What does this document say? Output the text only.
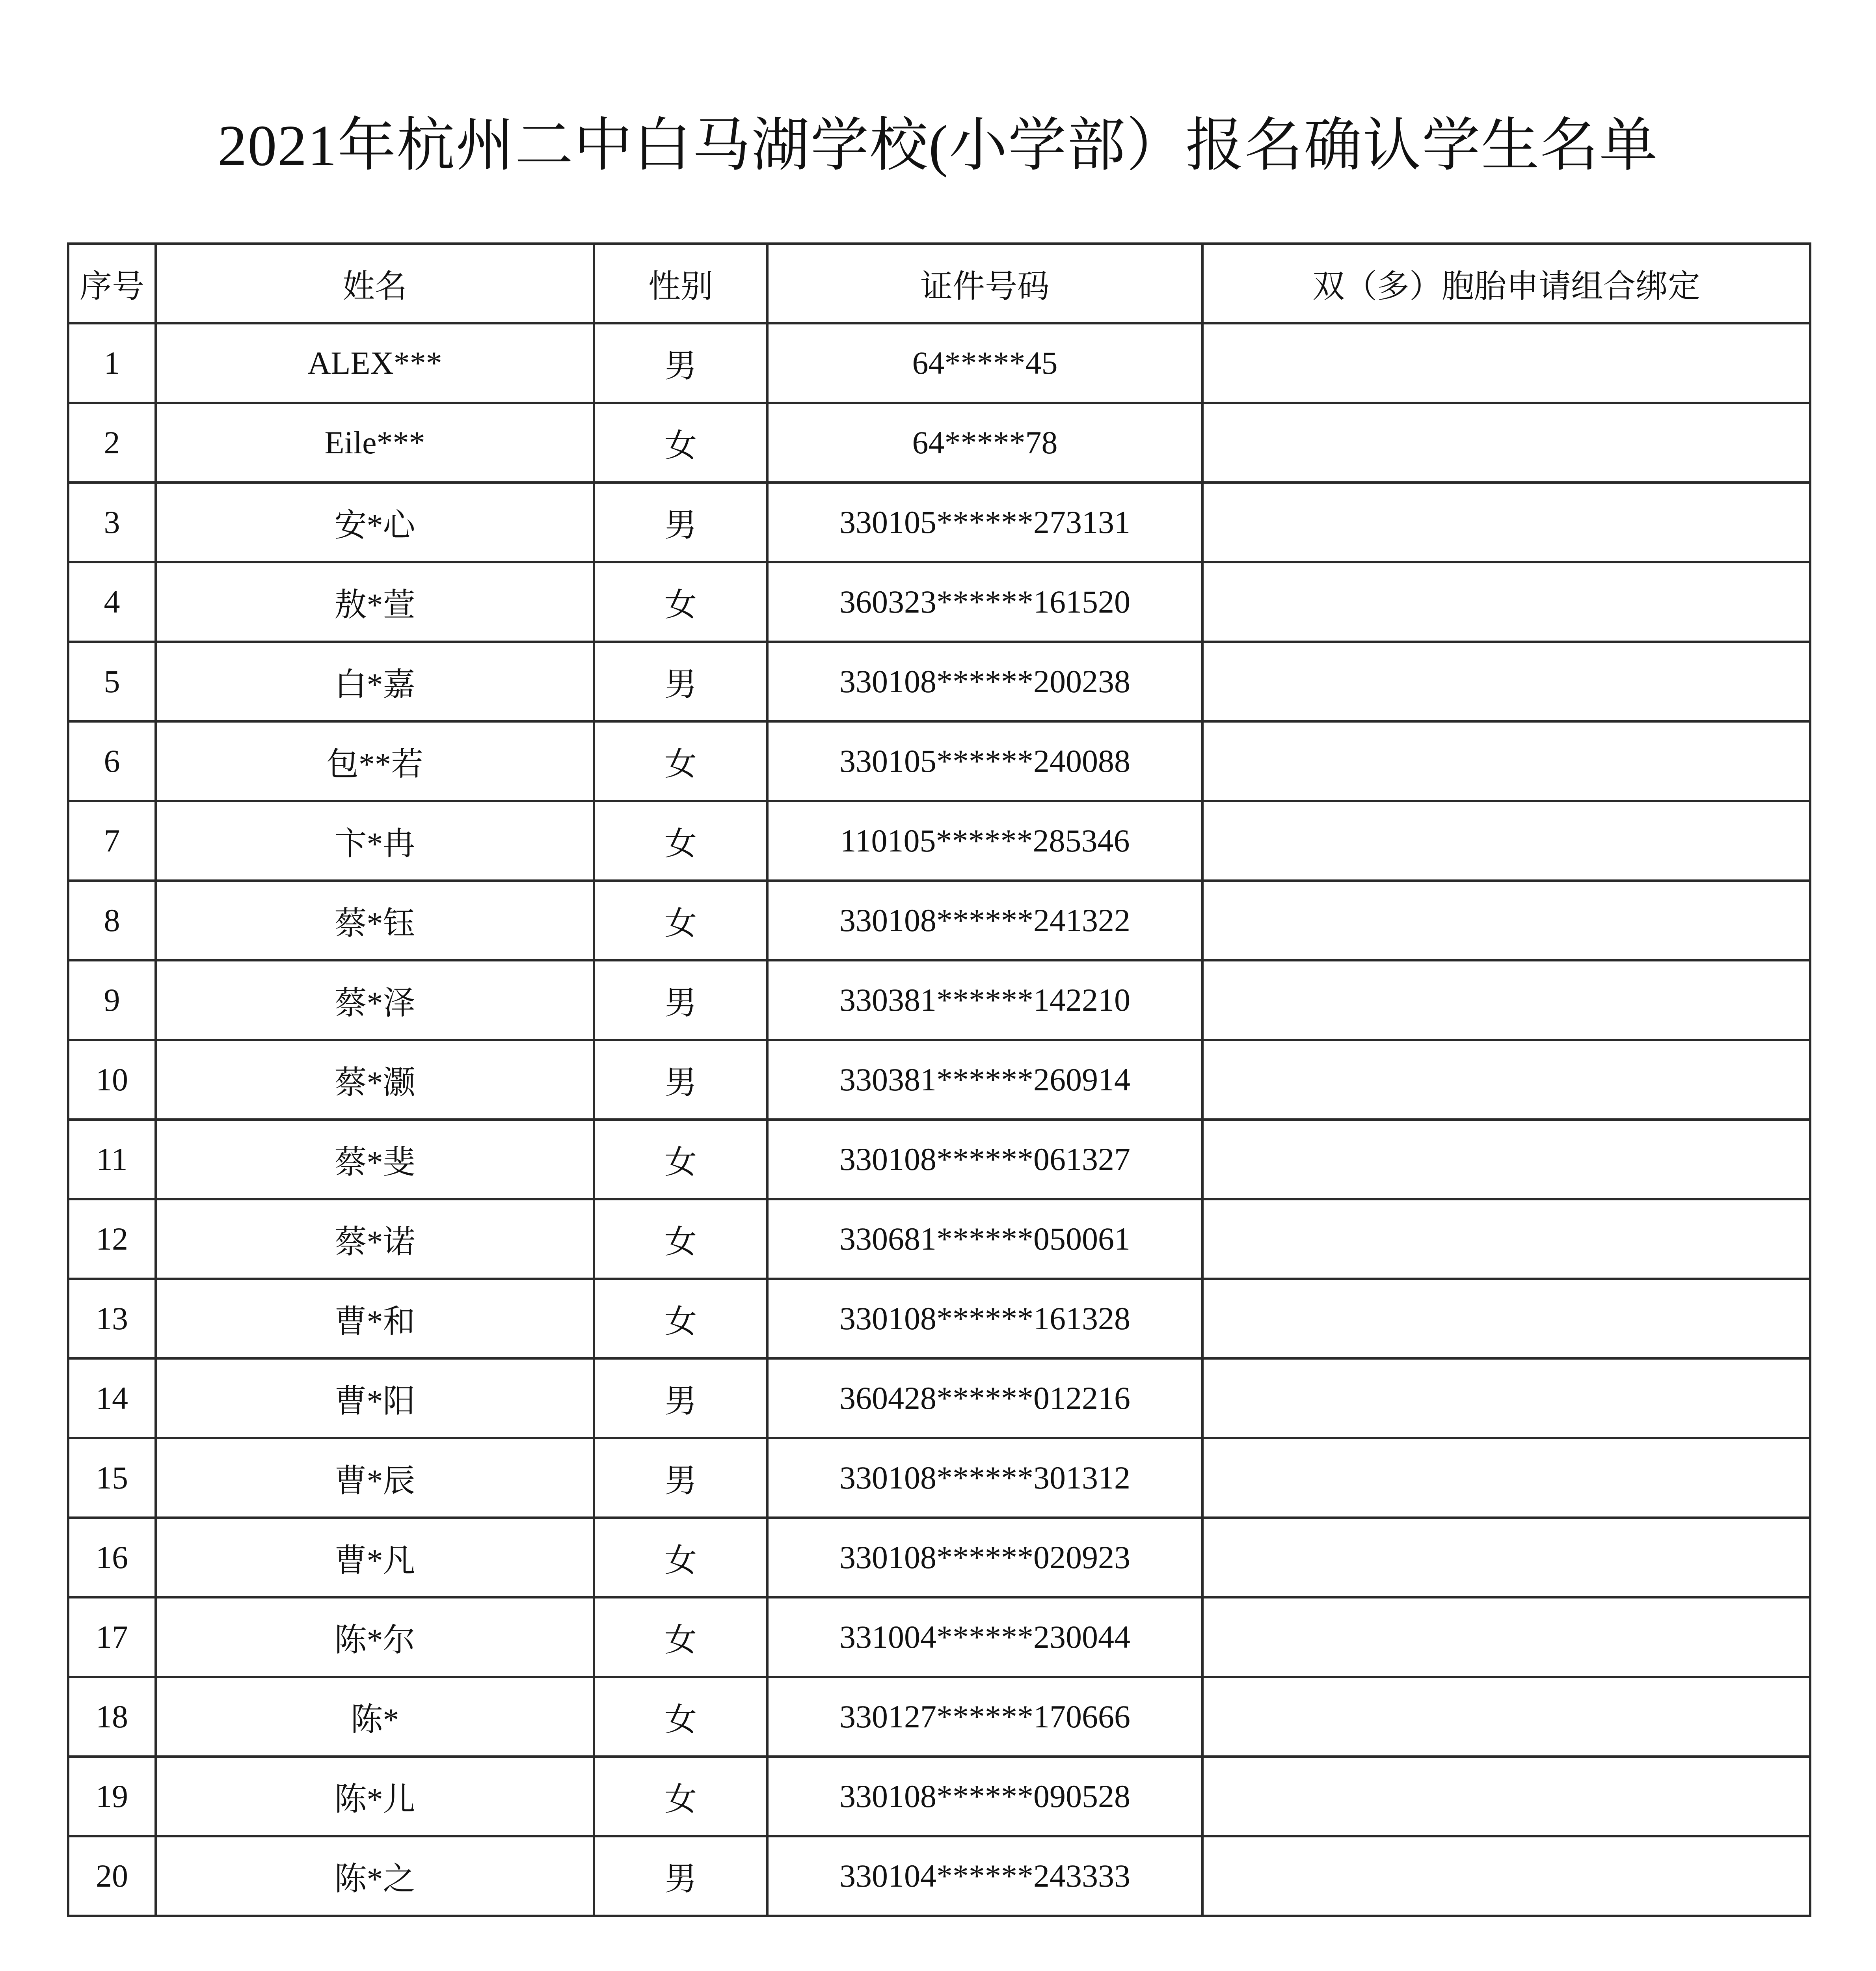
2021年杭州二中白马湖学校(小学部）报名确认学生名单
序号	姓名	性别	证件号码	双（多）胞胎申请组合绑定
1	ALEX***	男	64*****45	
2	Eile***	女	64*****78	
3	安*心	男	330105******273131	
4	敖*萱	女	360323******161520	
5	白*嘉	男	330108******200238	
6	包**若	女	330105******240088	
7	卞*冉	女	110105******285346	
8	蔡*钰	女	330108******241322	
9	蔡*泽	男	330381******142210	
10	蔡*灏	男	330381******260914	
11	蔡*斐	女	330108******061327	
12	蔡*诺	女	330681******050061	
13	曹*和	女	330108******161328	
14	曹*阳	男	360428******012216	
15	曹*辰	男	330108******301312	
16	曹*凡	女	330108******020923	
17	陈*尔	女	331004******230044	
18	陈*	女	330127******170666	
19	陈*儿	女	330108******090528	
20	陈*之	男	330104******243333	
